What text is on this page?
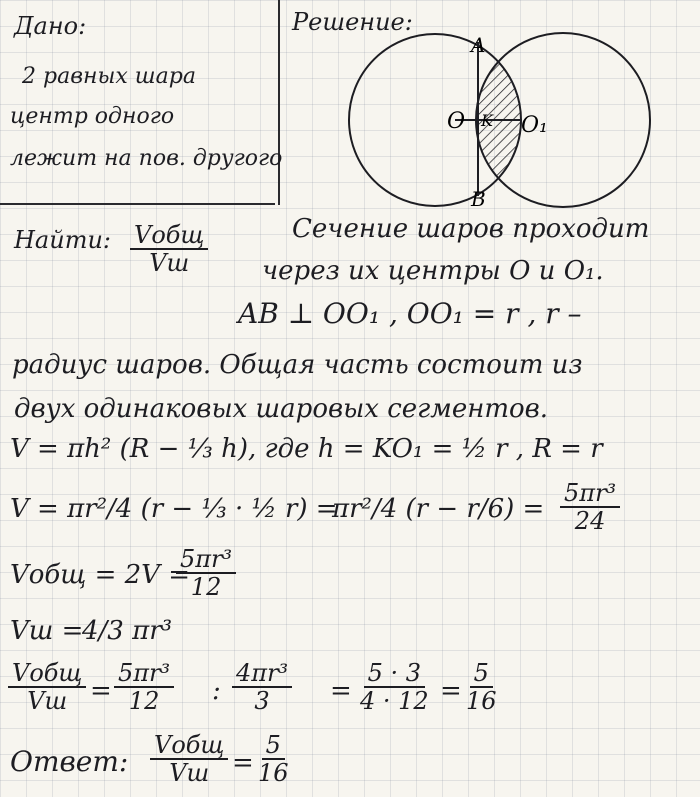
Дано:
2 равных шара
центр одного
лежит на пов. другого
Найти: Vобщ
Vш
Решение:
A
B
O K O₁
Сечение шаров проходит
через их центры O и O₁.
AB ⊥ OO₁ , OO₁ = r , r –
радиус шаров. Общая часть состоит из
двух одинаковых шаровых сегментов.
V = πh² (R − ⅓ h), где h = KO₁ = ½ r , R = r
V = πr²/4 (r − ⅓ · ½ r) =
πr²/4 $(r - r/6) = \frac{\text{5πr³}}{24}$
Vобщ = 2V =
$\frac{\text{5πr³}}{12}$
Vш =
4/3 πr³
Vобщ
Vш = $\frac{\text{5πr³}}{12}$ : $\frac{\text{4πr³}}{3} = \frac{5 \cdot 3}{4 \cdot 12} = \frac{5}{16}$
Ответ: Vобщ
Vш = $\frac{5}{16}$
